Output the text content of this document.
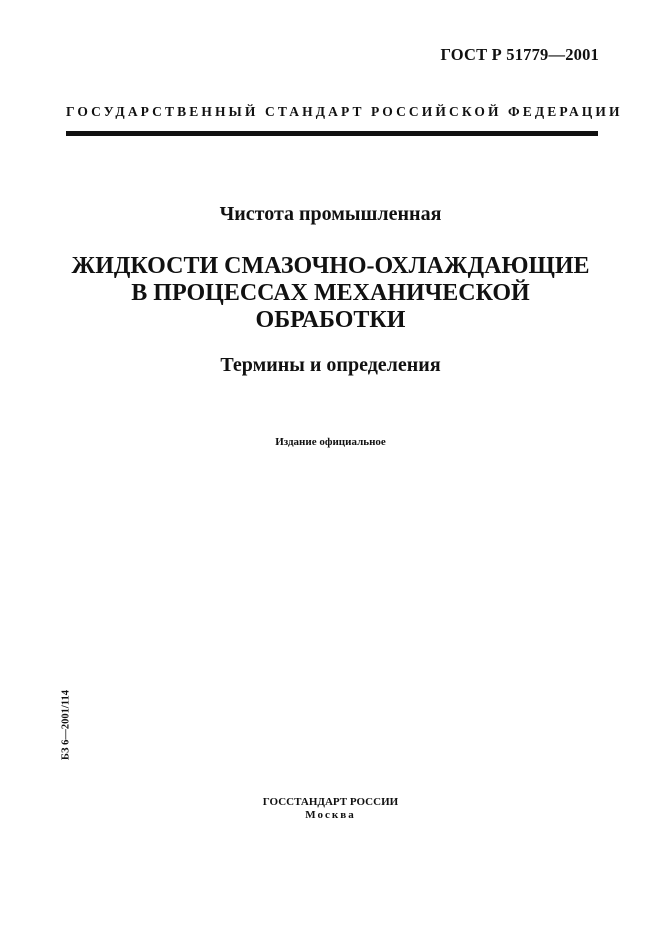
ГОСТ Р 51779—2001
ГОСУДАРСТВЕННЫЙ СТАНДАРТ РОССИЙСКОЙ ФЕДЕРАЦИИ
Чистота промышленная
ЖИДКОСТИ СМАЗОЧНО-ОХЛАЖДАЮЩИЕ
В ПРОЦЕССАХ МЕХАНИЧЕСКОЙ
ОБРАБОТКИ
Термины и определения
Издание официальное
БЗ 6—2001/114
ГОССТАНДАРТ РОССИИ
Москва
